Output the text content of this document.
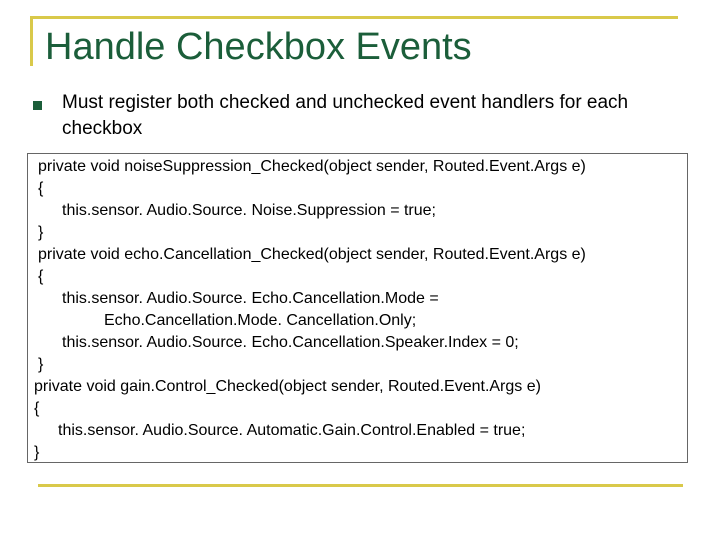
Handle Checkbox Events

Must register both checked and unchecked event handlers for each checkbox

private void noiseSuppression_Checked(object sender, Routed.Event.Args e)
{
this.sensor. Audio.Source. Noise.Suppression = true;
}
private void echo.Cancellation_Checked(object sender, Routed.Event.Args e)
{
this.sensor. Audio.Source. Echo.Cancellation.Mode =
Echo.Cancellation.Mode. Cancellation.Only;
this.sensor. Audio.Source. Echo.Cancellation.Speaker.Index = 0;
}
private void gain.Control_Checked(object sender, Routed.Event.Args e)
{
this.sensor. Audio.Source. Automatic.Gain.Control.Enabled = true;
}
